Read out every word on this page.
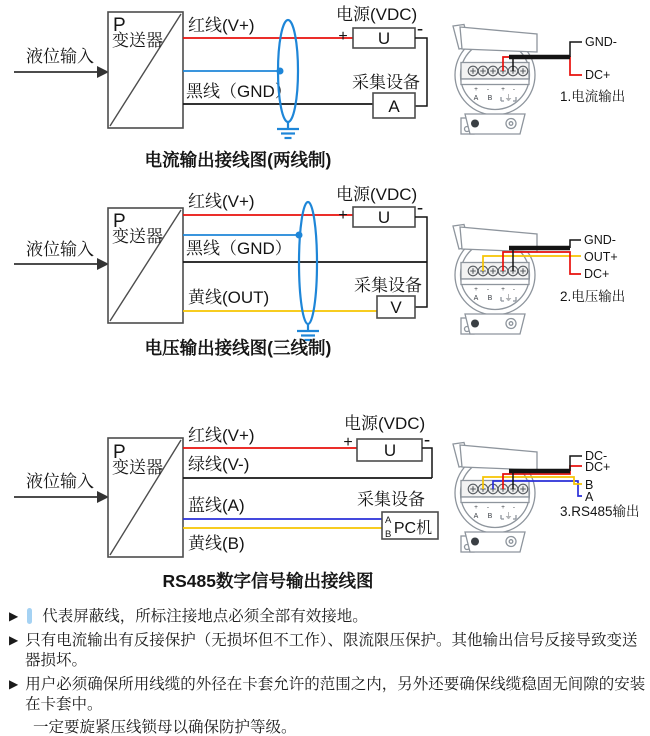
+	-	+	-
A	B	⏚
液位输入
P
变送器
红线(V+)
黑线（GND）
电源(VDC)
+ U -
采集设备
A
GND-
DC+
1.电流输出
电流输出接线图(两线制)
液位输入
P
变送器
红线(V+)
黑线（GND）
黄线(OUT)
电源(VDC)
+ U -
采集设备
V
GND-
OUT+
DC+
2.电压输出
电压输出接线图(三线制)
液位输入
P
变送器
红线(V+)
绿线(V-)
蓝线(A)
黄线(B)
电源(VDC)
+ U -
采集设备
PC机
A
B
DC-
DC+
B
A
3.RS485输出
RS485数字信号输出接线图

▶ 代表屏蔽线，所标注接地点必须全部有效接地。

▶ 只有电流输出有反接保护（无损坏但不工作）、限流限压保护。其他输出信号反接导致变送器损坏。

▶ 用户必须确保所用线缆的外径在卡套允许的范围之内，另外还要确保线缆稳固无间隙的安装在卡套中。

一定要旋紧压线锁母以确保防护等级。
